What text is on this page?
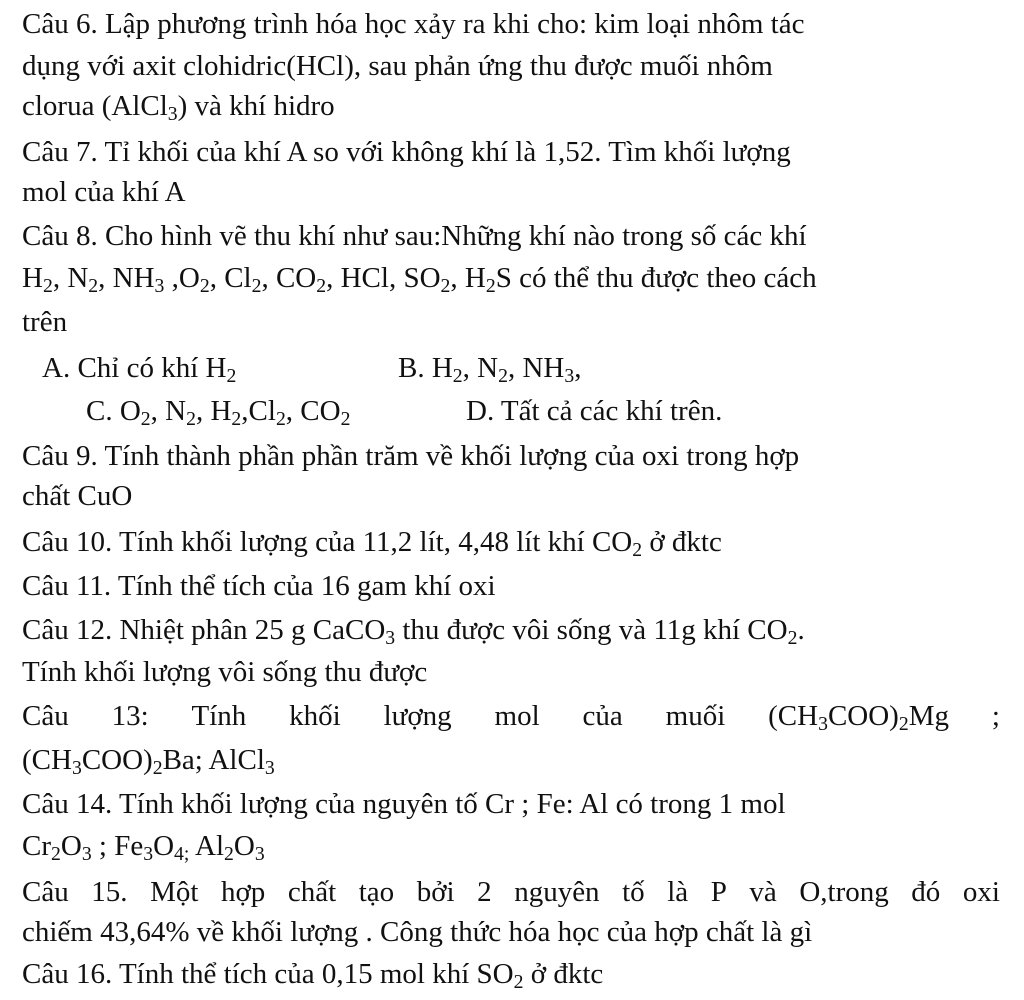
Câu 6. Lập phương trình hóa học xảy ra khi cho: kim loại nhôm tác
dụng với axit clohidric(HCl), sau phản ứng thu được muối nhôm
clorua (AlCl$_3$) và khí hidro
Câu 7. Tỉ khối của khí A so với không khí là 1,52. Tìm khối lượng
mol của khí A
Câu 8. Cho hình vẽ thu khí như sau:Những khí nào trong số các khí
$H_2$, $N_2$, $NH_3$ $,O_2$, $Cl_2$, $CO_2$, HCl, $SO_2$, $H_2S$ có thể thu được theo cách
trên
A. Chỉ có khí $H_2$	B. $H_2$, $N_2$, $NH_3$,
C. $O_2$, $N_2$, $H_2,Cl_2$, $CO_2$	D. Tất cả các khí trên.
Câu 9. Tính thành phần phần trăm về khối lượng của oxi trong hợp
chất CuO
Câu 10. Tính khối lượng của 11,2 lít, 4,48 lít khí $CO_2$ ở đktc
Câu 11. Tính thể tích của 16 gam khí oxi
Câu 12. Nhiệt phân 25 g CaCO$_3$ thu được vôi sống và 11g khí $CO_2$.
Tính khối lượng vôi sống thu được
Câu 13: Tính khối lượng mol của muối $(CH_3COO)_2Mg$ ;
$(CH_3COO)_2Ba$; AlCl$_3$
Câu 14. Tính khối lượng của nguyên tố Cr ; Fe: Al có trong 1 mol
$Cr_2O_3$ ; $Fe_3O_{4;}$ $Al_2O_3$
Câu 15. Một hợp chất tạo bởi 2 nguyên tố là P và O,trong đó oxi
chiếm 43,64% về khối lượng . Công thức hóa học của hợp chất là gì
Câu 16. Tính thể tích của 0,15 mol khí $SO_2$ ở đktc
